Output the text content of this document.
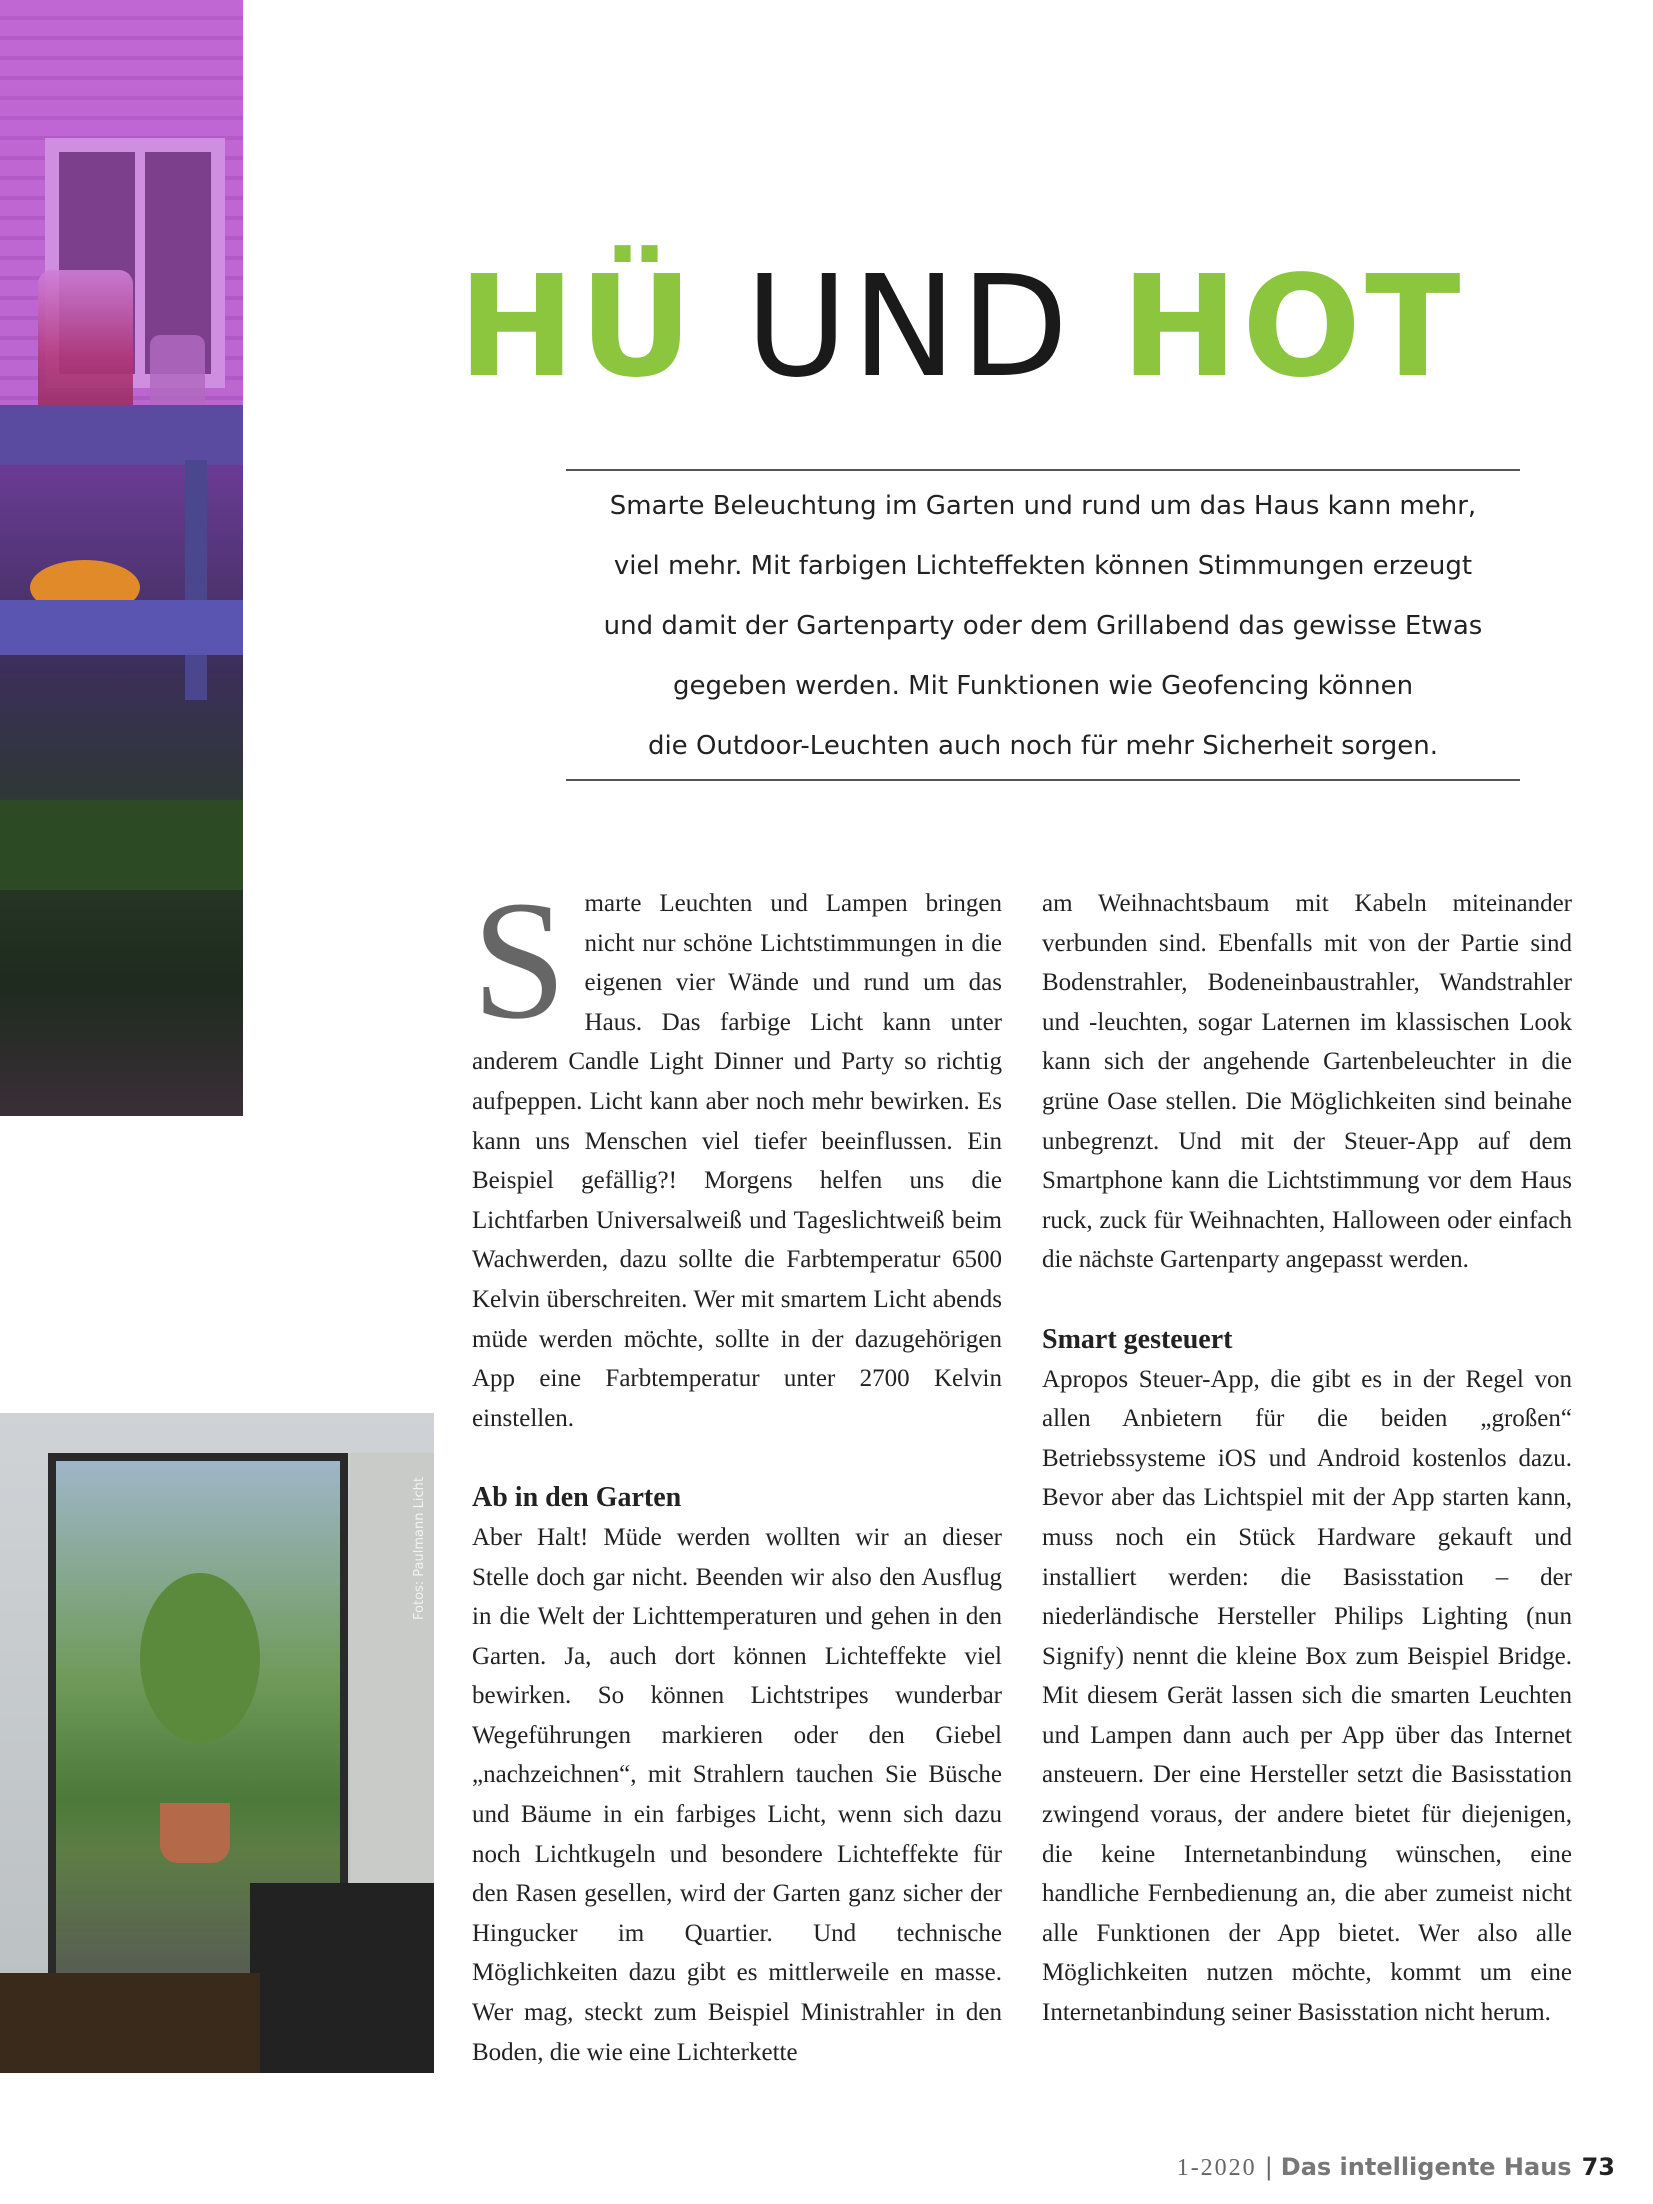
Fotos: Paulmann Licht
HÜ UND HOT
Smarte Beleuchtung im Garten und rund um das Haus kann mehr,
viel mehr. Mit farbigen Lichteffekten können Stimmungen erzeugt
und damit der Gartenparty oder dem Grillabend das gewisse Etwas
gegeben werden. Mit Funktionen wie Geofencing können
die Outdoor-Leuchten auch noch für mehr Sicherheit sorgen.
S marte Leuchten und Lampen bringen nicht nur schöne Lichtstimmungen in die eigenen vier Wände und rund um das Haus. Das farbige Licht kann unter anderem Candle Light Dinner und Party so richtig aufpeppen. Licht kann aber noch mehr bewirken. Es kann uns Menschen viel tiefer beeinflussen. Ein Beispiel gefällig?! Morgens helfen uns die Lichtfarben Universalweiß und Tageslichtweiß beim Wachwerden, dazu sollte die Farbtemperatur 6500 Kelvin überschreiten. Wer mit smartem Licht abends müde werden möchte, sollte in der dazugehörigen App eine Farbtemperatur unter 2700 Kelvin einstellen.

Ab in den Garten

Aber Halt! Müde werden wollten wir an dieser Stelle doch gar nicht. Beenden wir also den Ausflug in die Welt der Lichttemperaturen und gehen in den Garten. Ja, auch dort können Lichteffekte viel bewirken. So können Lichtstripes wunderbar Wegeführungen markieren oder den Giebel „nachzeichnen“, mit Strahlern tauchen Sie Büsche und Bäume in ein farbiges Licht, wenn sich dazu noch Lichtkugeln und besondere Lichteffekte für den Rasen gesellen, wird der Garten ganz sicher der Hingucker im Quartier. Und technische Möglichkeiten dazu gibt es mittlerweile en masse. Wer mag, steckt zum Beispiel Ministrahler in den Boden, die wie eine Lichterkette

am Weihnachtsbaum mit Kabeln miteinander verbunden sind. Ebenfalls mit von der Partie sind Bodenstrahler, Bodeneinbaustrahler, Wandstrahler und -leuchten, sogar Laternen im klassischen Look kann sich der angehende Gartenbeleuchter in die grüne Oase stellen. Die Möglichkeiten sind beinahe unbegrenzt. Und mit der Steuer-App auf dem Smartphone kann die Lichtstimmung vor dem Haus ruck, zuck für Weihnachten, Halloween oder einfach die nächste Gartenparty angepasst werden.

Smart gesteuert

Apropos Steuer-App, die gibt es in der Regel von allen Anbietern für die beiden „großen“ Betriebssysteme iOS und Android kostenlos dazu. Bevor aber das Lichtspiel mit der App starten kann, muss noch ein Stück Hardware gekauft und installiert werden: die Basisstation – der niederländische Hersteller Philips Lighting (nun Signify) nennt die kleine Box zum Beispiel Bridge. Mit diesem Gerät lassen sich die smarten Leuchten und Lampen dann auch per App über das Internet ansteuern. Der eine Hersteller setzt die Basisstation zwingend voraus, der andere bietet für diejenigen, die keine Internetanbindung wünschen, eine handliche Fernbedienung an, die aber zumeist nicht alle Funktionen der App bietet. Wer also alle Möglichkeiten nutzen möchte, kommt um eine Internetanbindung seiner Basisstation nicht herum.

1-2020 | Das intelligente Haus 73
